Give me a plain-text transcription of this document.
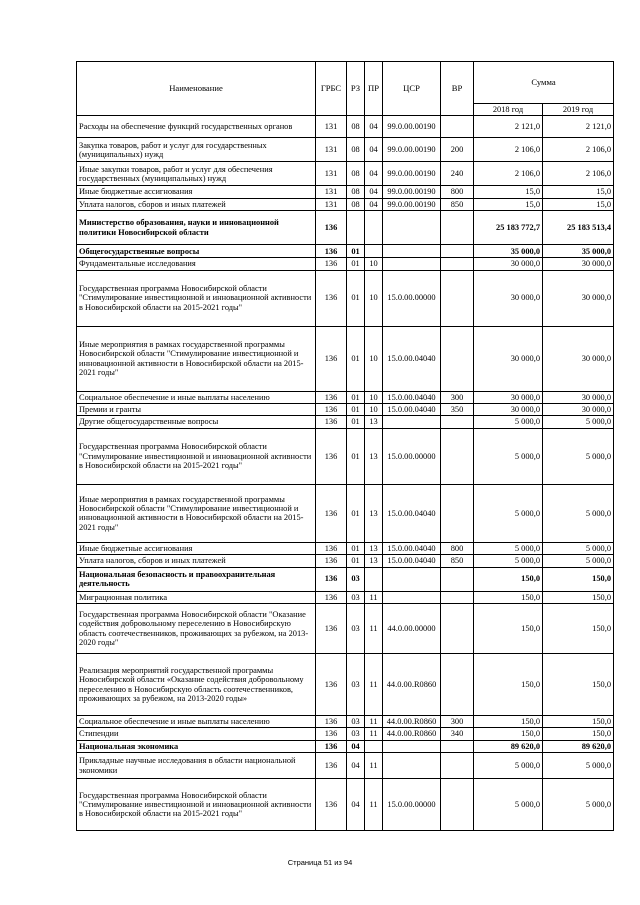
Наименование	ГРБС	РЗ	ПР	ЦСР	ВР	Сумма	
						2018 год	2019 год
Расходы на обеспечение функций государственных органов	131	08	04	99.0.00.00190		2 121,0	2 121,0
Закупка товаров, работ и услуг для государственных (муниципальных) нужд	131	08	04	99.0.00.00190	200	2 106,0	2 106,0
Иные закупки товаров, работ и услуг для обеспечения государственных (муниципальных) нужд	131	08	04	99.0.00.00190	240	2 106,0	2 106,0
Иные бюджетные ассигнования	131	08	04	99.0.00.00190	800	15,0	15,0
Уплата налогов, сборов и иных платежей	131	08	04	99.0.00.00190	850	15,0	15,0
Министерство образования, науки и инновационной политики Новосибирской области	136					25 183 772,7	25 183 513,4
Общегосударственные вопросы	136	01				35 000,0	35 000,0
Фундаментальные исследования	136	01	10			30 000,0	30 000,0
Государственная программа Новосибирской области "Стимулирование инвестиционной и инновационной активности в Новосибирской области на 2015-2021 годы"	136	01	10	15.0.00.00000		30 000,0	30 000,0
Иные мероприятия в рамках государственной программы Новосибирской области "Стимулирование инвестиционной и инновационной активности в Новосибирской области на 2015-2021 годы"	136	01	10	15.0.00.04040		30 000,0	30 000,0
Социальное обеспечение и иные выплаты населению	136	01	10	15.0.00.04040	300	30 000,0	30 000,0
Премии и гранты	136	01	10	15.0.00.04040	350	30 000,0	30 000,0
Другие общегосударственные вопросы	136	01	13			5 000,0	5 000,0
Государственная программа Новосибирской области "Стимулирование инвестиционной и инновационной активности в Новосибирской области на 2015-2021 годы"	136	01	13	15.0.00.00000		5 000,0	5 000,0
Иные мероприятия в рамках государственной программы Новосибирской области "Стимулирование инвестиционной и инновационной активности в Новосибирской области на 2015-2021 годы"	136	01	13	15.0.00.04040		5 000,0	5 000,0
Иные бюджетные ассигнования	136	01	13	15.0.00.04040	800	5 000,0	5 000,0
Уплата налогов, сборов и иных платежей	136	01	13	15.0.00.04040	850	5 000,0	5 000,0
Национальная безопасность и правоохранительная деятельность	136	03				150,0	150,0
Миграционная политика	136	03	11			150,0	150,0
Государственная программа Новосибирской области "Оказание содействия добровольному переселению в Новосибирскую область соотечественников, проживающих за рубежом, на 2013-2020 годы"	136	03	11	44.0.00.00000		150,0	150,0
Реализация мероприятий государственной программы Новосибирской области «Оказание содействия добровольному переселению в Новосибирскую область соотечественников, проживающих за рубежом, на 2013-2020 годы»	136	03	11	44.0.00.R0860		150,0	150,0
Социальное обеспечение и иные выплаты населению	136	03	11	44.0.00.R0860	300	150,0	150,0
Стипендии	136	03	11	44.0.00.R0860	340	150,0	150,0
Национальная экономика	136	04				89 620,0	89 620,0
Прикладные научные исследования в области национальной экономики	136	04	11			5 000,0	5 000,0
Государственная программа Новосибирской области "Стимулирование инвестиционной и инновационной активности в Новосибирской области на 2015-2021 годы"	136	04	11	15.0.00.00000		5 000,0	5 000,0
Страница 51 из 94
